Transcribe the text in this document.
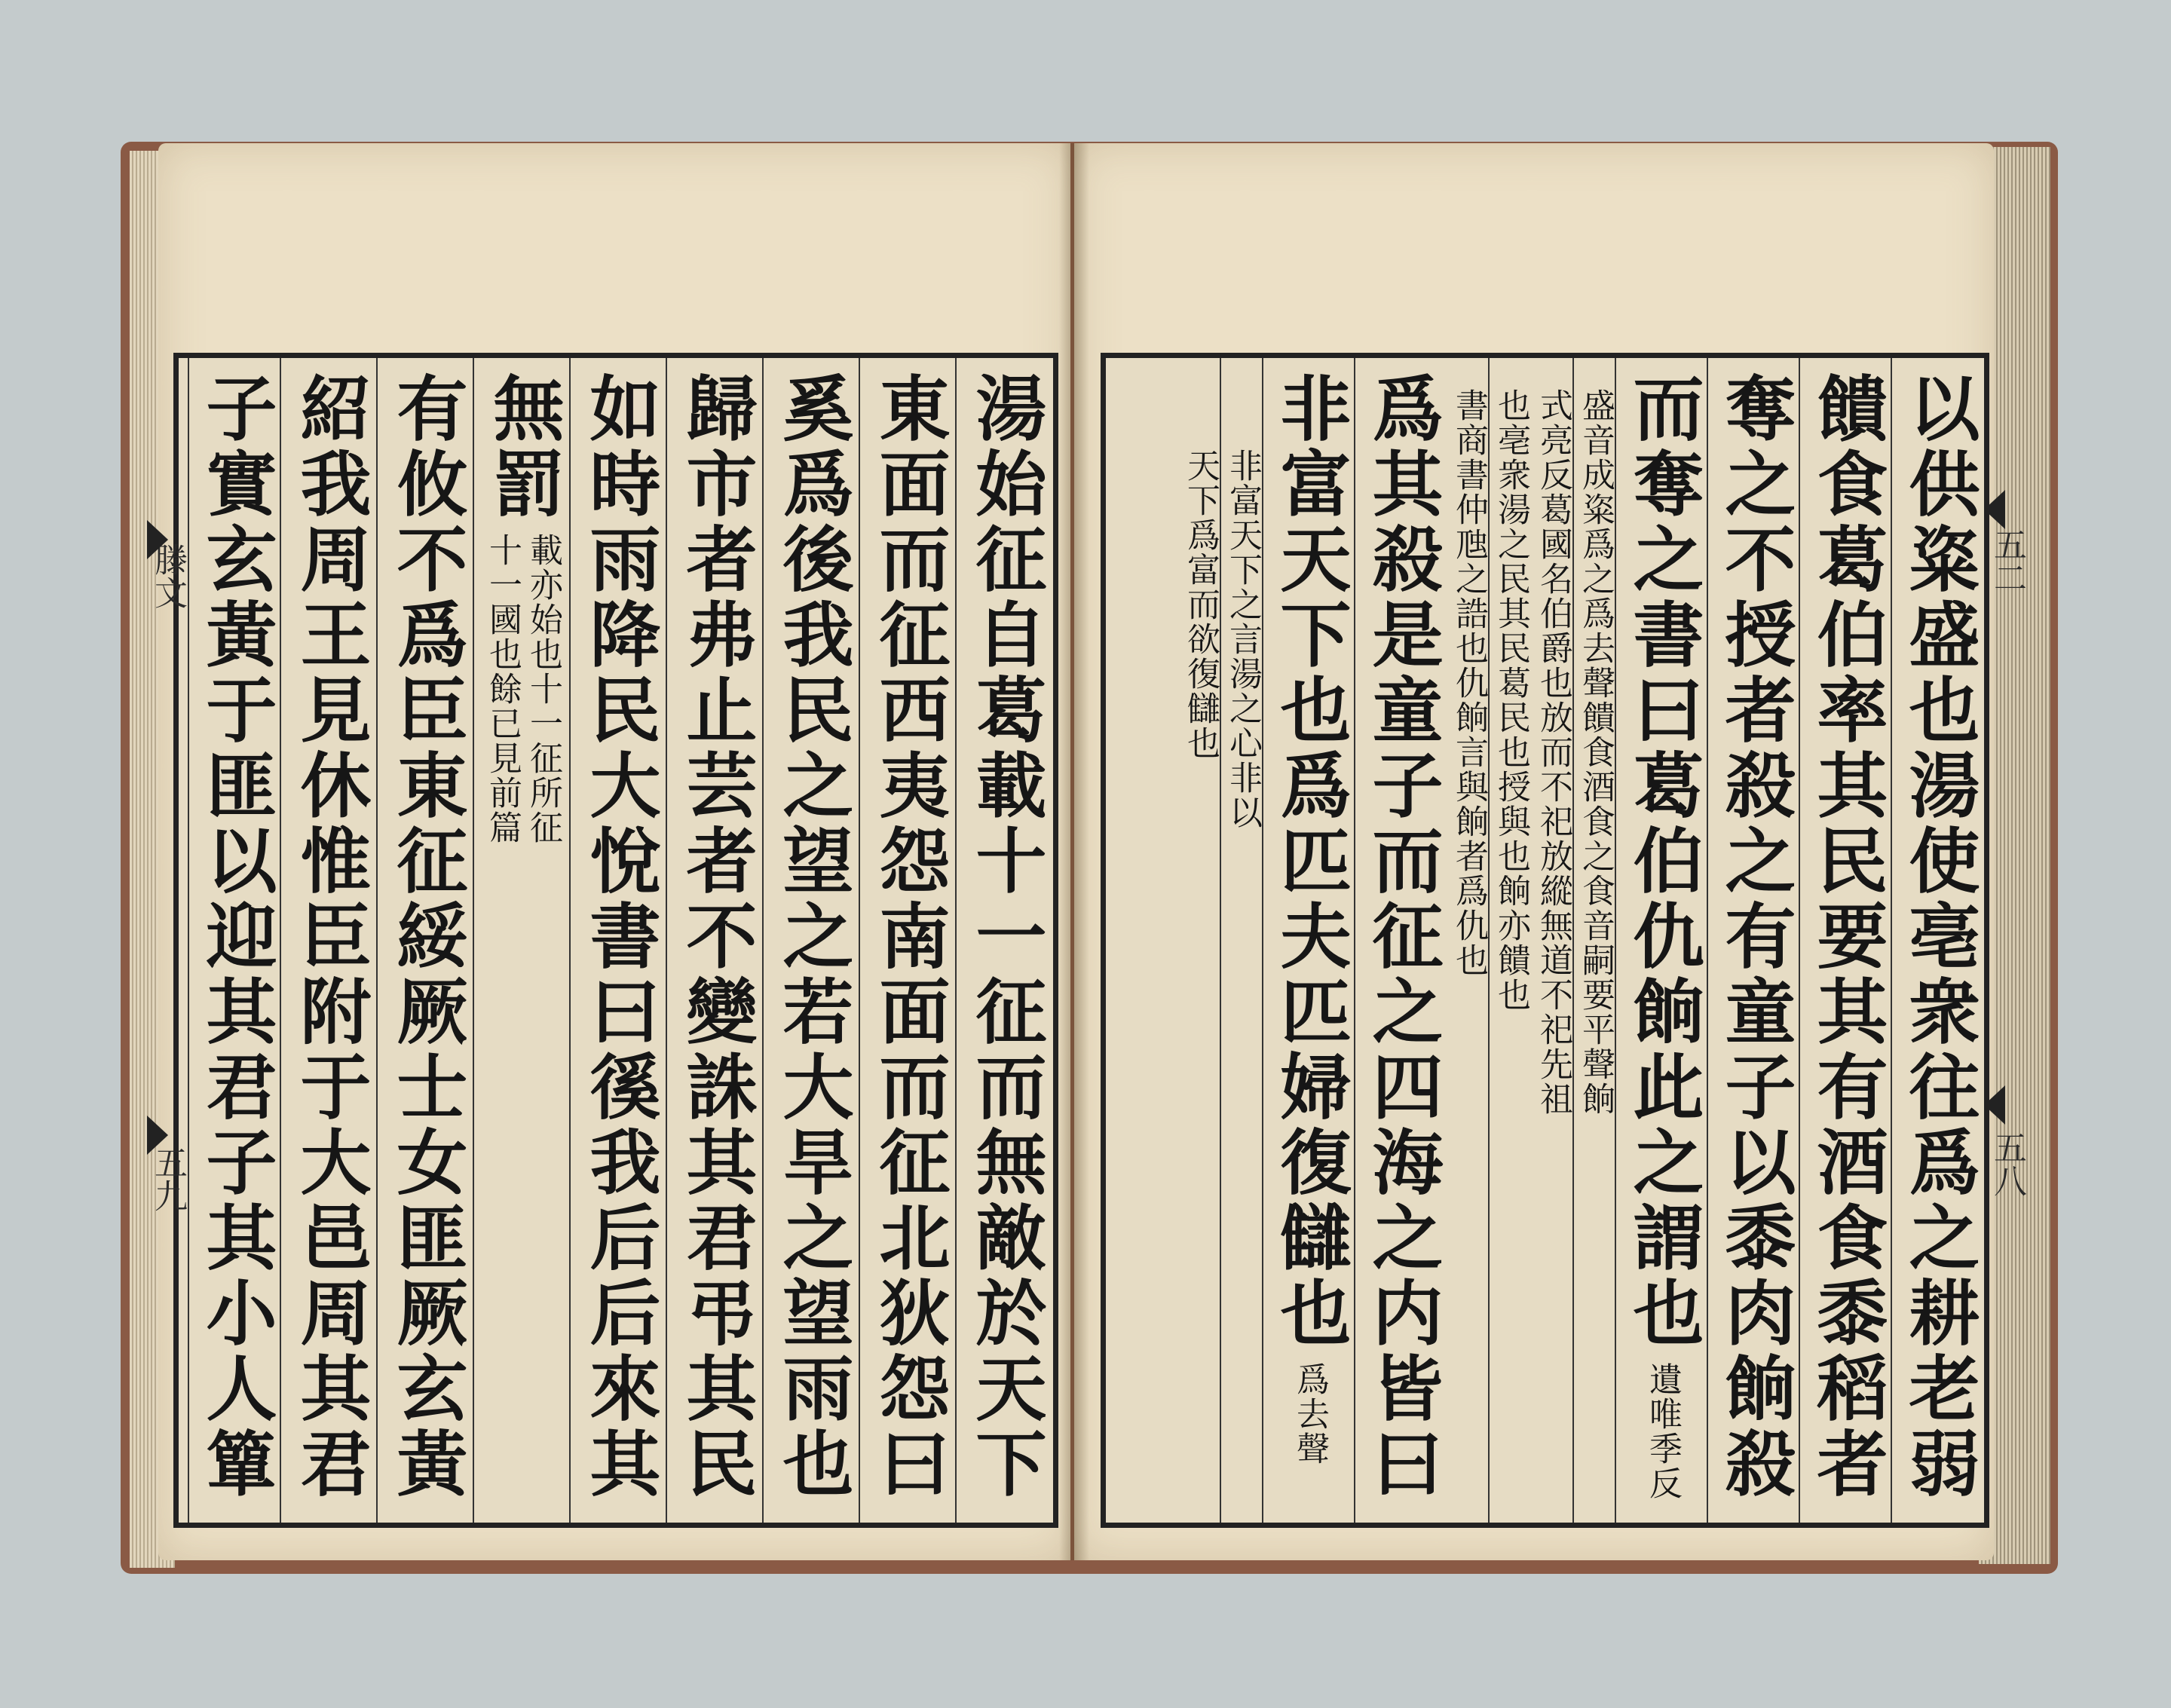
湯始征自葛載十一征而無敵於天下
東面而征西夷怨南面而征北狄怨曰
奚爲後我民之望之若大旱之望雨也
歸市者弗止芸者不變誅其君弔其民
如時雨降民大悅書曰徯我后后來其
無罰
載亦始也十一征所征
十一國也餘已見前篇
有攸不爲臣東征綏厥士女匪厥玄黃
紹我周王見休惟臣附于大邑周其君
子實玄黃于匪以迎其君子其小人簞	以供粢盛也湯使亳衆往爲之耕老弱
饋食葛伯率其民要其有酒食黍稻者
奪之不授者殺之有童子以黍肉餉殺
而奪之書曰葛伯仇餉此之謂也
遺唯季反
盛音成粢爲之爲去聲饋食酒食之食音嗣要平聲餉
式亮反葛國名伯爵也放而不祀放縱無道不祀先祖
也亳衆湯之民其民葛民也授與也餉亦饋也
書商書仲虺之誥也仇餉言與餉者爲仇也
爲其殺是童子而征之四海之内皆曰
非富天下也爲匹夫匹婦復讎也
爲去聲
非富天下之言湯之心非以
天下爲富而欲復讎也
滕文
五九
五二
五八
